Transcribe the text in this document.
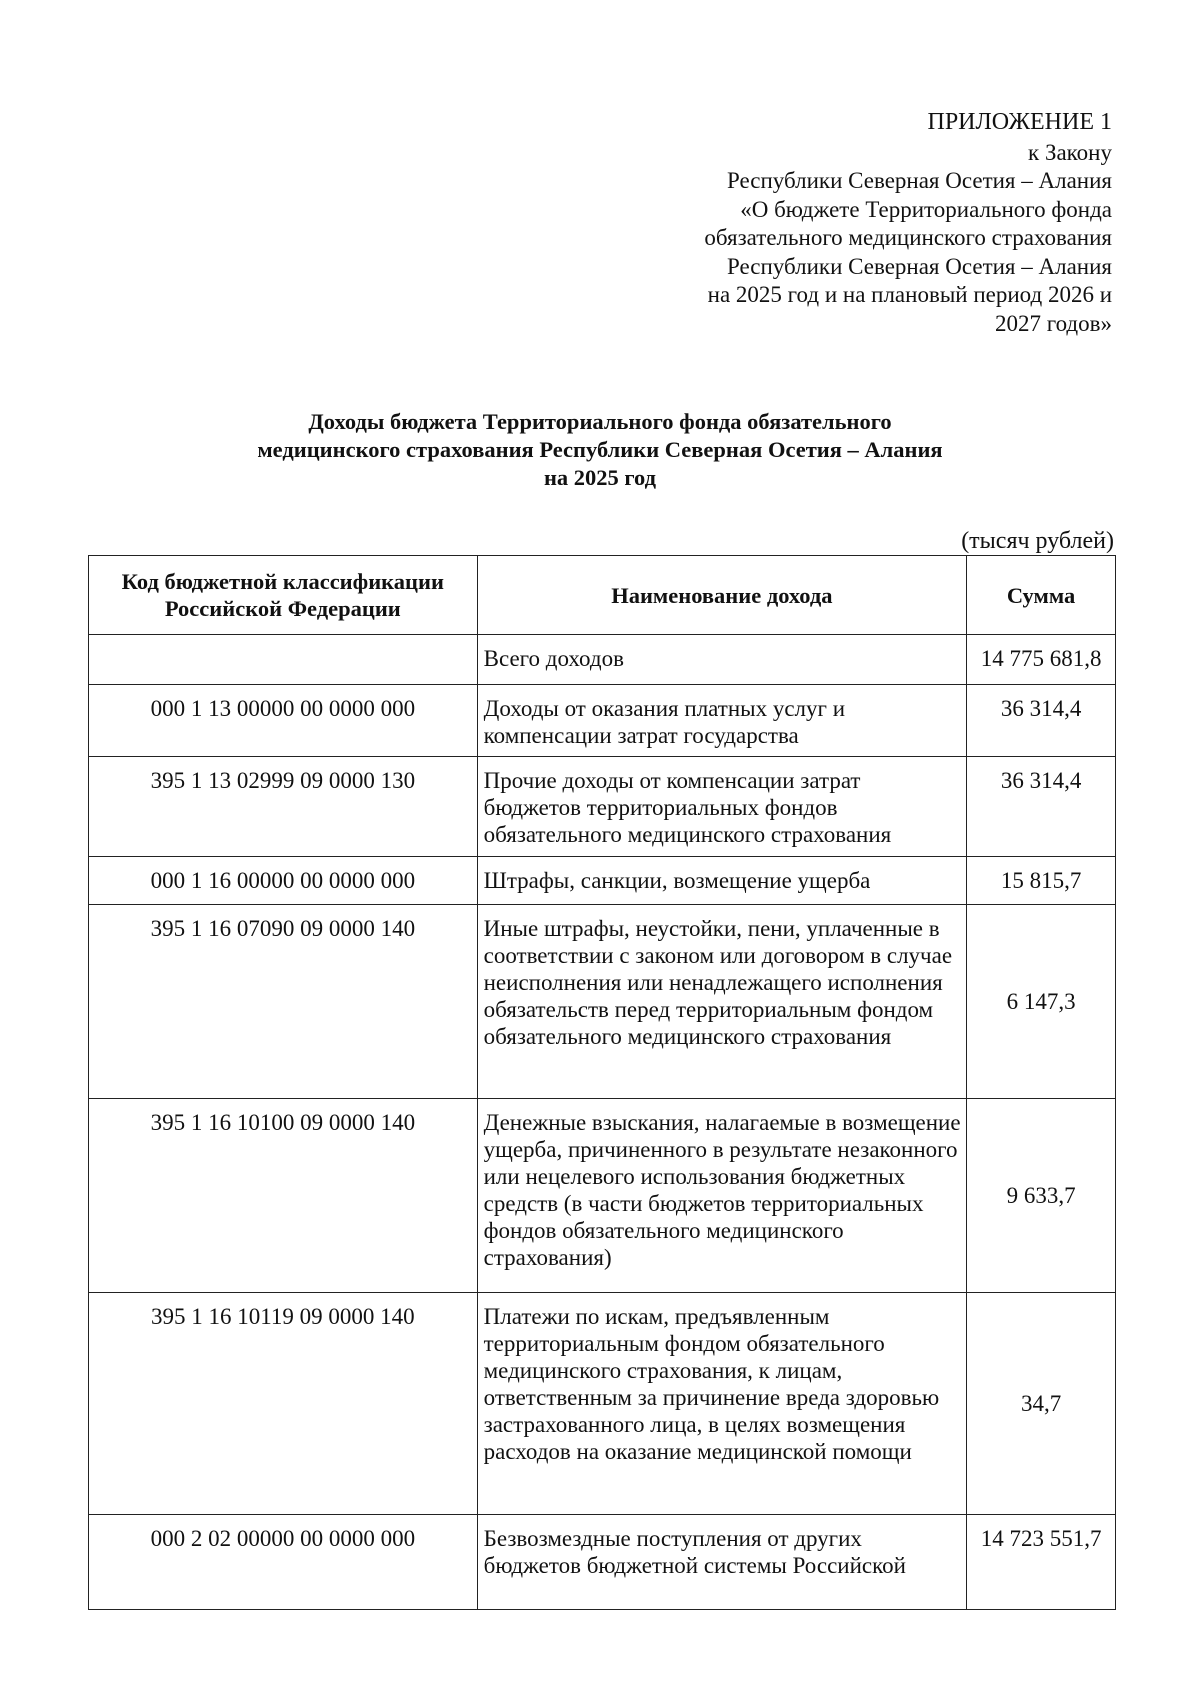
ПРИЛОЖЕНИЕ 1
к Закону
Республики Северная Осетия – Алания
«О бюджете Территориального фонда
обязательного медицинского страхования
Республики Северная Осетия – Алания
на 2025 год и на плановый период 2026 и
2027 годов»
Доходы бюджета Территориального фонда обязательного
медицинского страхования Республики Северная Осетия – Алания
на 2025 год
(тысяч рублей)
Код бюджетной классификации Российской Федерации	Наименование дохода	Сумма
	Всего доходов	14 775 681,8
000 1 13 00000 00 0000 000	Доходы от оказания платных услуг и компенсации затрат государства	36 314,4
395 1 13 02999 09 0000 130	Прочие доходы от компенсации затрат бюджетов территориальных фондов обязательного медицинского страхования	36 314,4
000 1 16 00000 00 0000 000	Штрафы, санкции, возмещение ущерба	15 815,7
395 1 16 07090 09 0000 140	Иные штрафы, неустойки, пени, уплаченные в соответствии с законом или договором в случае неисполнения или ненадлежащего исполнения обязательств перед территориальным фондом обязательного медицинского страхования	6 147,3
395 1 16 10100 09 0000 140	Денежные взыскания, налагаемые в возмещение ущерба, причиненного в результате незаконного или нецелевого использования бюджетных средств (в части бюджетов территориальных фондов обязательного медицинского страхования)	9 633,7
395 1 16 10119 09 0000 140	Платежи по искам, предъявленным территориальным фондом обязательного медицинского страхования, к лицам, ответственным за причинение вреда здоровью застрахованного лица, в целях возмещения расходов на оказание медицинской помощи	34,7
000 2 02 00000 00 0000 000	Безвозмездные поступления от других бюджетов бюджетной системы Российской	14 723 551,7
